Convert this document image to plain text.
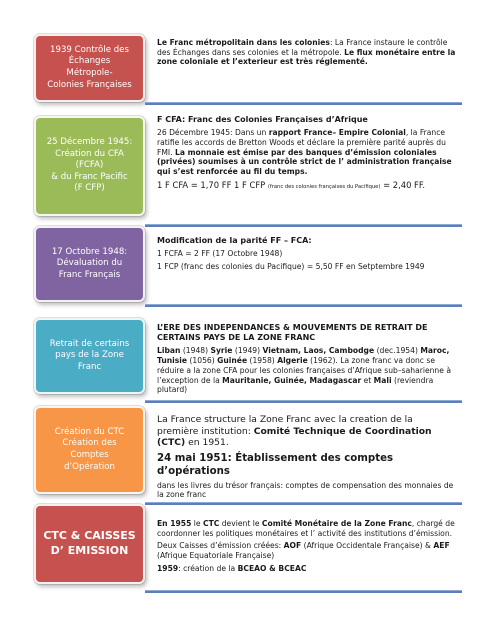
1939 Contrôle des
Échanges
Métropole-
Colonies Françaises

Le Franc métropolitain dans les colonies: La France instaure le contrôle des Échanges dans ses colonies et la métropole. Le flux monétaire entre la zone coloniale et l’exterieur est très réglementé.

25 Décembre 1945:
Création du CFA
(FCFA)
& du Franc Pacific
(F CFP)

F CFA: Franc des Colonies Françaises d’Afrique

26 Décembre 1945: Dans un rapport France– Empire Colonial, la France ratifie les accords de Bretton Woods et déclare la première parité auprès du FMI. La monnaie est émise par des banques d’émission coloniales (privées) soumises à un contrôle strict de l’ administration française qui s’est renforcée au fil du temps.

1 F CFA = 1,70 FF 1 F CFP (franc des colonies françaises du Pacifique) = 2,40 FF.

17 Octobre 1948:
Dévaluation du
Franc Français

Modification de la parité FF – FCA:

1 FCFA = 2 FF (17 Octobre 1948)

1 FCP (franc des colonies du Pacifique) = 5,50 FF en Setptembre 1949

Retrait de certains
pays de la Zone
Franc

L’ERE DES INDEPENDANCES & MOUVEMENTS DE RETRAIT DE CERTAINS PAYS DE LA ZONE FRANC

Liban (1948) Syrie (1949) Vietnam, Laos, Cambodge (dec.1954) Maroc, Tunisie (1056) Guinée (1958) Algerie (1962). La zone franc va donc se réduire a la zone CFA pour les colonies françaises d’Afrique sub–saharienne à l’exception de la Mauritanie, Guinée, Madagascar et Mali (reviendra plutard)

Création du CTC
Création des
Comptes
d’Opération

La France structure la Zone Franc avec la creation de la première institution: Comité Technique de Coordination (CTC) en 1951.

24 mai 1951: Établissement des comptes d’opérations

dans les livres du trésor français: comptes de compensation des monnaies de la zone franc

CTC & CAISSES
D’ EMISSION

En 1955 le CTC devient le Comité Monétaire de la Zone Franc, chargé de coordonner les politiques monétaires et l’ activité des institutions d’émission.

Deux Caisses d’émission créées: AOF (Afrique Occidentale Française) & AEF (Afrique Equatoriale Française)

1959: création de la BCEAO & BCEAC
